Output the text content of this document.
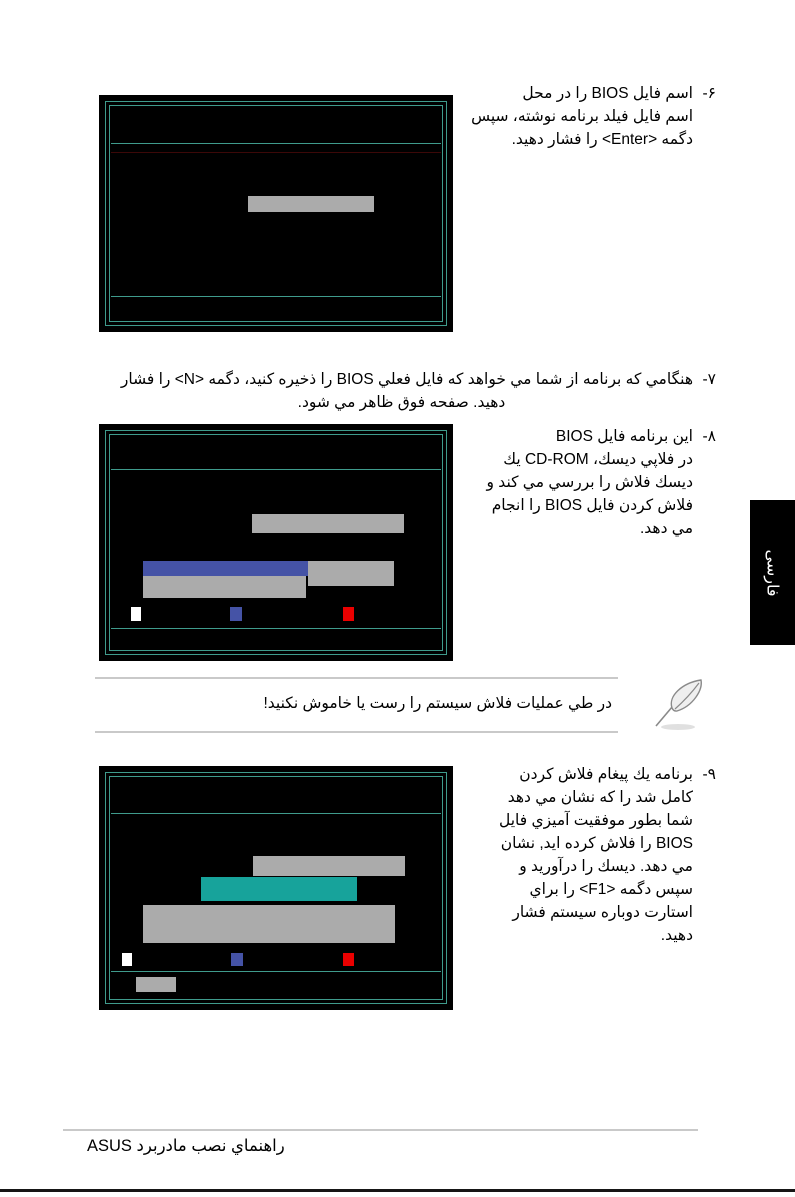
۶-
اسم فايل BIOS را در محل
اسم فايل فيلد برنامه نوشته، سپس
دگمه <Enter> را فشار دهيد.
۷-
هنگامي که برنامه از شما مي خواهد که فايل فعلي BIOS را ذخيره کنيد، دگمه <N> را فشار
دهيد. صفحه فوق ظاهر مي شود.
۸-
اين برنامه فايل BIOS
در فلاپي ديسك، CD-ROM يك
ديسك فلاش را بررسي مي کند و
فلاش کردن فايل BIOS را انجام
مي دهد.
فارسی
در طي عمليات فلاش سيستم را رست يا خاموش نكنيد!
۹-
برنامه يك پيغام فلاش کردن
کامل شد را که نشان مي دهد
شما بطور موفقيت آميزي فايل
BIOS را فلاش کرده ايد, نشان
مي دهد. ديسك را درآوريد و
سپس دگمه <F1> را براي
استارت دوباره سيستم فشار
دهيد.
راهنماي نصب مادربرد ASUS
